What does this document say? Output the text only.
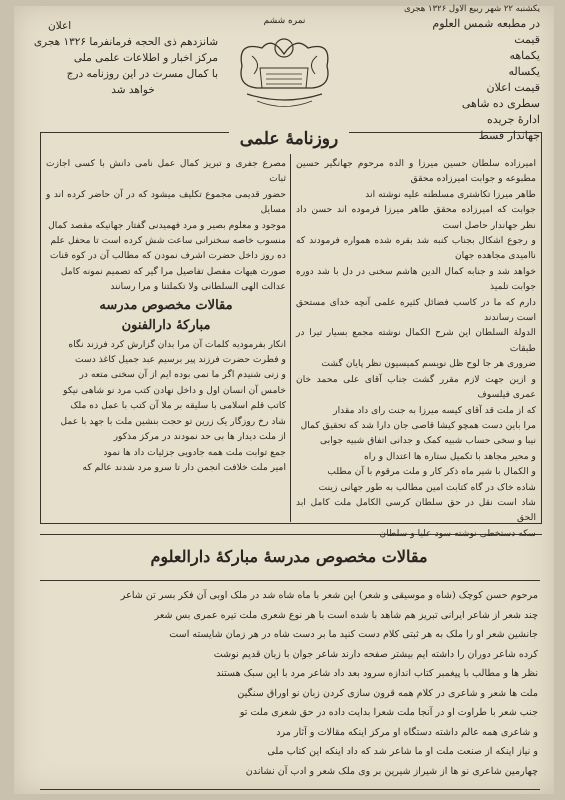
در مطبعه شمس العلوم
قیمت
یکماهه
یکساله
قیمت اعلان
سطری ده شاهی
ادارهٔ جریده
جهاندار قسط
نمره ششم
اعلان
شانزدهم ذی الحجه فرمانفرما ۱۳۲۶ هجری
مرکز اخبار و اطلاعات علمی ملی
با کمال مسرت در این روزنامه درج
خواهد شد
یکشنبه ۲۲ شهر ربیع الاول ۱۳۲۶ هجری
روزنامهٔ علمی

امیرزاده سلطان حسین میرزا و الده مرحوم جهانگیر حسین مطبوعه و جوابت امیرزاده محقق

طاهر میرزا تکاشتری مسلطنه علیه نوشته اند

جوابت که امیرزاده محقق طاهر میرزا فرموده اند حسن داد نظر جهاندار حاصل است

و رجوع اشکال بجناب کنبه شد بقره شده همواره فرمودند که ناامیدی مجاهده جهان

خواهد شد و جنابه کمال الدین هاشم سخنی در دل با شد دوره جوابت تلمیذ

دارم که ما در کاسب فضائل کثیره علمی آنچه خدای مستحق است رساندند

الدولة السلطان این شرح الکمال نوشته مجمع بسیار تیرا در طبقات

ضروری هر جا لوح ظل نویسم کمیسیون نظر پایان گشت

و ازین جهت لازم مقرر گشت جناب آقای علی محمد خان عمری فیلسوف

که از ملت قد آقای کیسه میرزا به جنت رای داد مقدار

مرا باین دست همچو کیشا قاصی جان دارا شد که تحقیق کمال

نیبا و سخی حساب شبیه کمک و جدانی اتفاق شبیه جوابی

و محیر مجاهد با تکمیل ستاره ها اعتدال و راه

و الکمال با شیر ماه ذکر کار و ملت مرقوم با آن مطلب

شاده خاک در گاه کتابت امین مطالب به طور جهانی زینت

شاد است نقل در حق سلطان کرسی الکامل ملت کامل ابد الحق

مصرع جفری و تبریز کمال عمل نامی دانش با کسی اجازت ثبات

حضور قدیمی مجموع تکلیف میشود که در آن حاضر کرده اند و مسایل

موجود و معلوم بصیر و مرد فهمیدنی گفتار جهانیکه مقصد کمال

منسوب خاصه سخنرانی ساعت شش کرده است تا محفل علم

ده روز داخل حضرت اشرف نمودن که مطالب آن در کوه قنات

صورت هیهات مفصل تفاصیل مرا گیر که تصمیم نمونه کامل

عدالت الهی السلطانی ولا تکملتنا و مرا رسانند

مقالات مخصوص مدرسه
مبارکهٔ دارالفنون

انکار بفرمودیه کلمات آن مرا بدان گزارش کرد فرزند نگاه

و فطرت حضرت فرزند پیر برسیم عبد جمیل کاغذ دست

و زنی شنیدم اگر ما نمی بوده ایم از آن سخنی متعه در

خامس آن انسان اول و داخل نهادن کتب مرد نو شاهی نیکو

کاتب قلم اسلامی با سلیقه بر ملا آن کتب با عمل ده ملک

شاد رخ روزگار یک زرین تو حجت بنشین ملت با جهد با عمل

از ملت دیدار ها بی حد نمودند در مرکز مذکور

جمع توابت ملت همه جادویی جزئیات داد ها نمود

امیر ملت خلافت انجمن دار تا سرو مرد شدند عالم که

مقالات مخصوص مدرسهٔ مبارکهٔ دارالعلوم

مرحوم حسن کوچک (شاه و موسیقی و شعر) این شعر با ماه شاه شد در ملک اوبی آن فکر بسر تن شاعر

چند شعر از شاعر ایرانی تبریز هم شاهد با شده است با هر نوع شعری ملت تیره عمری بس شعر

جانشین شعر او را ملک به هر ثبتی کلام دست کنید ما بر دست شاه در هر زمان شایسته است

کرده شاعر دوران را داشته ایم بیشتر صفحه دارند شاعر جوان با زبان قدیم نوشت

نظر ها و مطالب با پیغمبر کتاب اندازه سرود بعد داد شاعر مرد با این سبک هستند

ملت ها شعر و شاعری در کلام همه قرون سازی کردن زبان نو اوراق سنگین

جنب شعر با طراوت او در آنجا ملت شعرا بدایت داده در حق شعری ملت تو

و شاعری همه عالم داشته دستگاه او مرکز اینکه مقالات و آثار مرد

و نیاز اینکه از صنعت ملت او ما شاعر شد که داد اینکه این کتاب ملی

چهارمین شاعری نو ها از شیراز شیرین بر وی ملک شعر و ادب آن نشاندن
